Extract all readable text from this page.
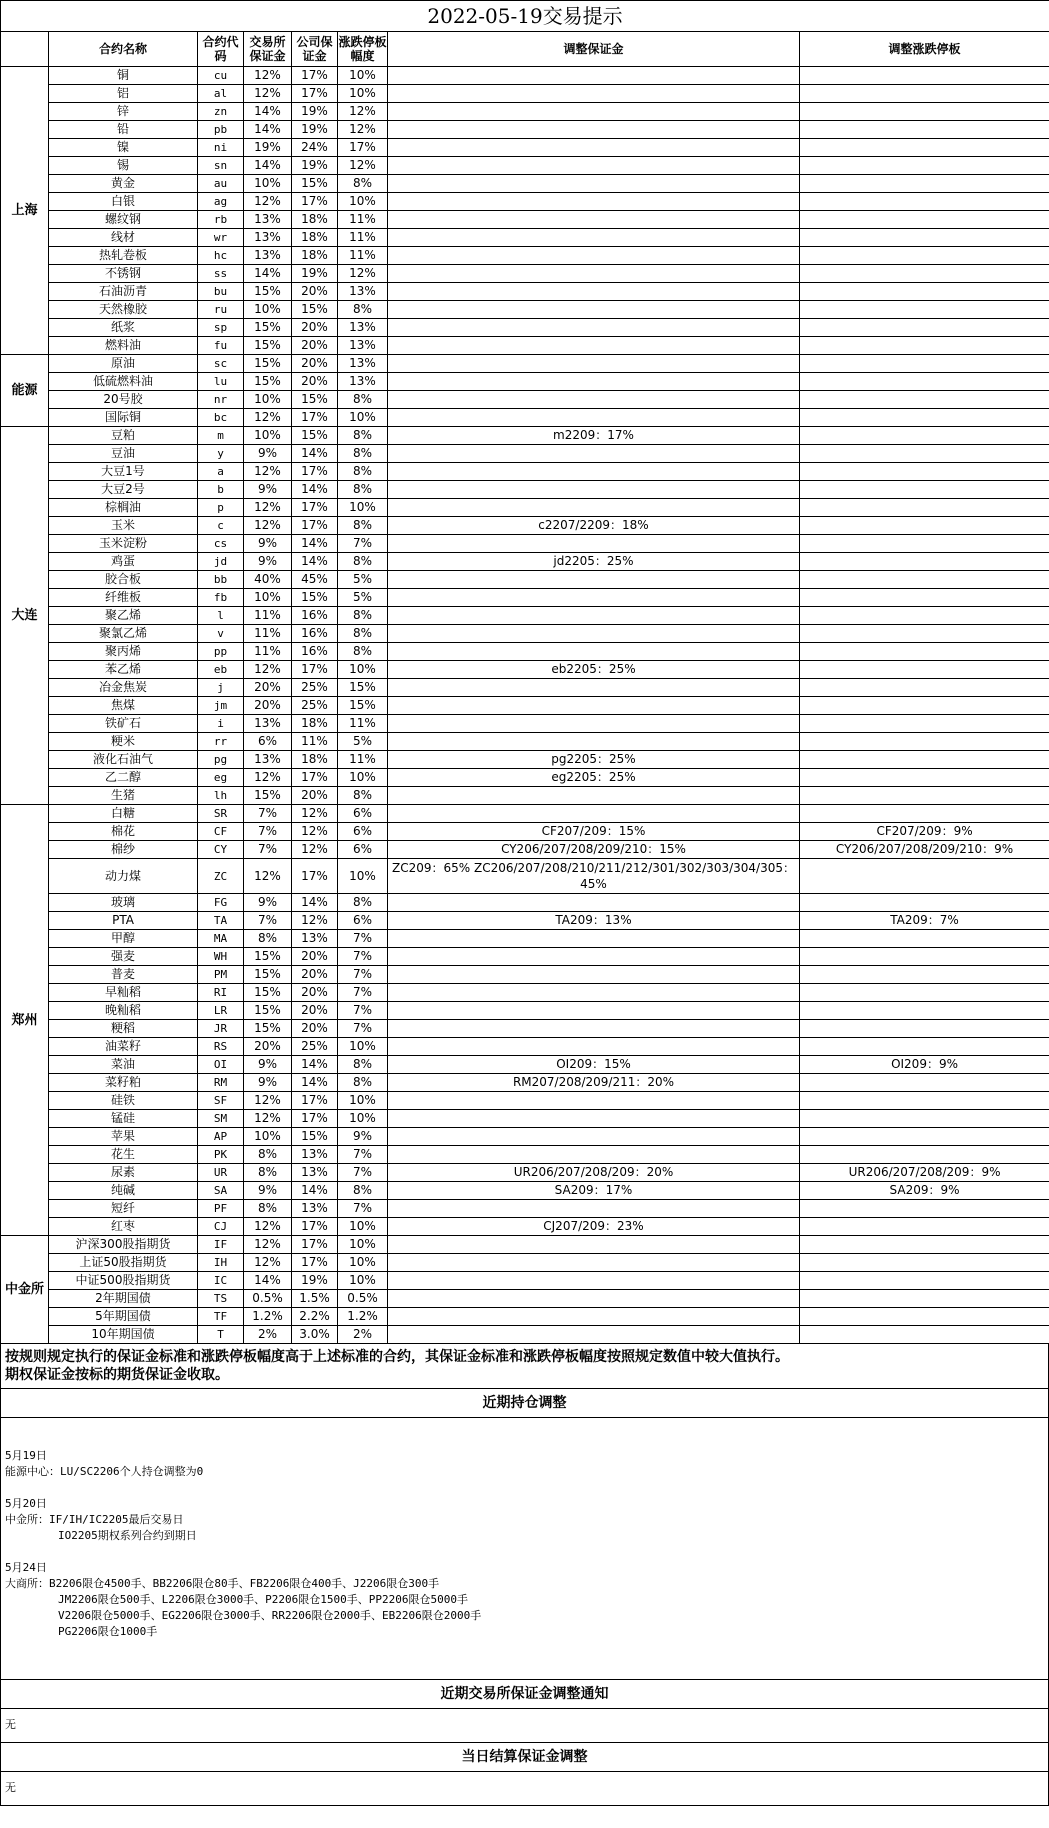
2022-05-19交易提示							
	合约名称	合约代码	交易所保证金	公司保证金	涨跌停板幅度	调整保证金	调整涨跌停板
上海	铜	cu	12%	17%	10%		
	铝	al	12%	17%	10%		
	锌	zn	14%	19%	12%		
	铅	pb	14%	19%	12%		
	镍	ni	19%	24%	17%		
	锡	sn	14%	19%	12%		
	黄金	au	10%	15%	8%		
	白银	ag	12%	17%	10%		
	螺纹钢	rb	13%	18%	11%		
	线材	wr	13%	18%	11%		
	热轧卷板	hc	13%	18%	11%		
	不锈钢	ss	14%	19%	12%		
	石油沥青	bu	15%	20%	13%		
	天然橡胶	ru	10%	15%	8%		
	纸浆	sp	15%	20%	13%		
	燃料油	fu	15%	20%	13%		
能源	原油	sc	15%	20%	13%		
	低硫燃料油	lu	15%	20%	13%		
	20号胶	nr	10%	15%	8%		
	国际铜	bc	12%	17%	10%		
大连	豆粕	m	10%	15%	8%	m2209：17%	
	豆油	y	9%	14%	8%		
	大豆1号	a	12%	17%	8%		
	大豆2号	b	9%	14%	8%		
	棕榈油	p	12%	17%	10%		
	玉米	c	12%	17%	8%	c2207/2209：18%	
	玉米淀粉	cs	9%	14%	7%		
	鸡蛋	jd	9%	14%	8%	jd2205：25%	
	胶合板	bb	40%	45%	5%		
	纤维板	fb	10%	15%	5%		
	聚乙烯	l	11%	16%	8%		
	聚氯乙烯	v	11%	16%	8%		
	聚丙烯	pp	11%	16%	8%		
	苯乙烯	eb	12%	17%	10%	eb2205：25%	
	冶金焦炭	j	20%	25%	15%		
	焦煤	jm	20%	25%	15%		
	铁矿石	i	13%	18%	11%		
	粳米	rr	6%	11%	5%		
	液化石油气	pg	13%	18%	11%	pg2205：25%	
	乙二醇	eg	12%	17%	10%	eg2205：25%	
	生猪	lh	15%	20%	8%		
郑州	白糖	SR	7%	12%	6%		
	棉花	CF	7%	12%	6%	CF207/209：15%	CF207/209：9%
	棉纱	CY	7%	12%	6%	CY206/207/208/209/210：15%	CY206/207/208/209/210：9%
	动力煤	ZC	12%	17%	10%	ZC209：65% ZC206/207/208/210/211/212/301/302/303/304/305：45%	
	玻璃	FG	9%	14%	8%		
	PTA	TA	7%	12%	6%	TA209：13%	TA209：7%
	甲醇	MA	8%	13%	7%		
	强麦	WH	15%	20%	7%		
	普麦	PM	15%	20%	7%		
	早籼稻	RI	15%	20%	7%		
	晚籼稻	LR	15%	20%	7%		
	粳稻	JR	15%	20%	7%		
	油菜籽	RS	20%	25%	10%		
	菜油	OI	9%	14%	8%	OI209：15%	OI209：9%
	菜籽粕	RM	9%	14%	8%	RM207/208/209/211：20%	
	硅铁	SF	12%	17%	10%		
	锰硅	SM	12%	17%	10%		
	苹果	AP	10%	15%	9%		
	花生	PK	8%	13%	7%		
	尿素	UR	8%	13%	7%	UR206/207/208/209：20%	UR206/207/208/209：9%
	纯碱	SA	9%	14%	8%	SA209：17%	SA209：9%
	短纤	PF	8%	13%	7%		
	红枣	CJ	12%	17%	10%	CJ207/209：23%	
中金所	沪深300股指期货	IF	12%	17%	10%		
	上证50股指期货	IH	12%	17%	10%		
	中证500股指期货	IC	14%	19%	10%		
	2年期国债	TS	0.5%	1.5%	0.5%		
	5年期国债	TF	1.2%	2.2%	1.2%		
	10年期国债	T	2%	3.0%	2%		
按规则规定执行的保证金标准和涨跌停板幅度高于上述标准的合约，其保证金标准和涨跌停板幅度按照规定数值中较大值执行。
期权保证金按标的期货保证金收取。
近期持仓调整
5月19日
能源中心：LU/SC2206个人持仓调整为0

5月20日
中金所：IF/IH/IC2205最后交易日
IO2205期权系列合约到期日

5月24日
大商所：B2206限仓4500手、BB2206限仓80手、FB2206限仓400手、J2206限仓300手
JM2206限仓500手、L2206限仓3000手、P2206限仓1500手、PP2206限仓5000手
V2206限仓5000手、EG2206限仓3000手、RR2206限仓2000手、EB2206限仓2000手
PG2206限仓1000手
近期交易所保证金调整通知
无
当日结算保证金调整
无
